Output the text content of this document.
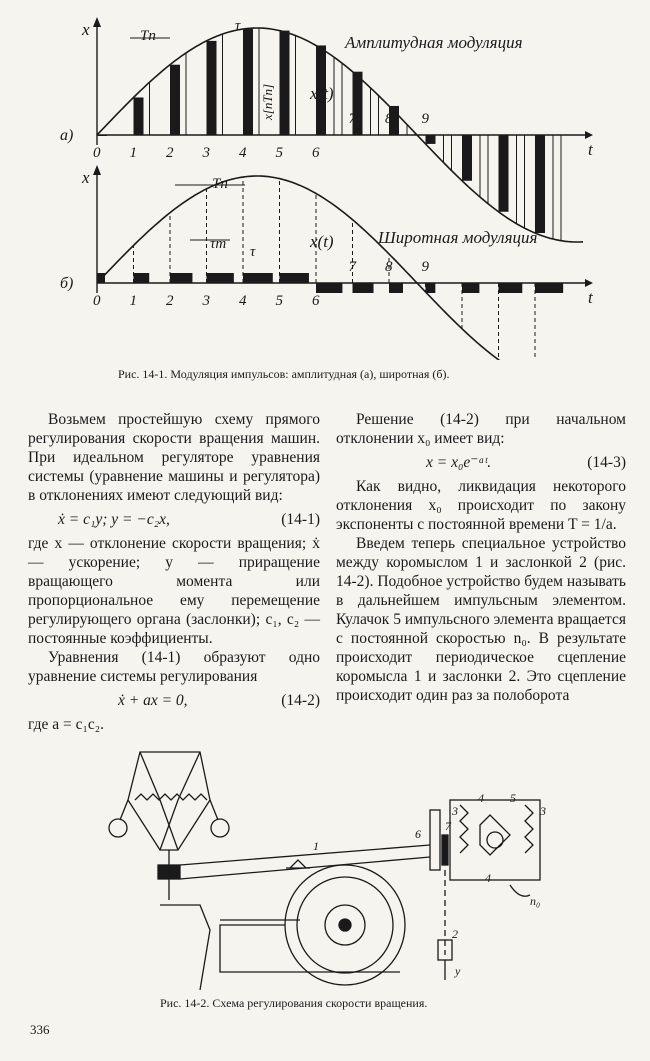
0 1 2 3 4 5 6
7 8 9
x
t
x(t)
а)
Амплитудная модуляция
Tn
τ
x[nTn]
0 1 2 3 4 5 6
7 8 9
x
t
x(t)
б)
Широтная модуляция
Tn
τm τ
Рис. 14-1. Модуляция импульсов: амплитудная (а), широтная (б).

Возьмем простейшую схему прямого регулирования скорости вращения машин. При идеальном регуляторе уравнения системы (уравнение машины и регулятора) в отклонениях имеют следующий вид:

ẋ = c₁y; y = −c₂x,	(14-1)

где x — отклонение скорости вращения; ẋ — ускорение; y — приращение вращающего момента или пропорциональное ему перемещение регулирующего органа (заслонки); c₁, c₂ — постоянные коэффициенты.

Уравнения (14-1) образуют одно уравнение системы регулирования

ẋ + ax = 0,	(14-2)

где a = c₁c₂.

Решение (14-2) при начальном отклонении x₀ имеет вид:

x = x₀e⁻ᵃᵗ.	(14-3)

Как видно, ликвидация некоторого отклонения x₀ происходит по закону экспоненты с постоянной времени T = 1/a.

Введем теперь специальное устройство между коромыслом 1 и заслонкой 2 (рис. 14-2). Подобное устройство будем называть в дальнейшем импульсным элементом. Кулачок 5 импульсного элемента вращается с постоянной скоростью n₀. В результате происходит периодическое сцепление коромысла 1 и заслонки 2. Это сцепление происходит один раз за полоборота

1
6
7
3	3
4 5
4
n₀
2
y
Рис. 14-2. Схема регулирования скорости вращения.
336
